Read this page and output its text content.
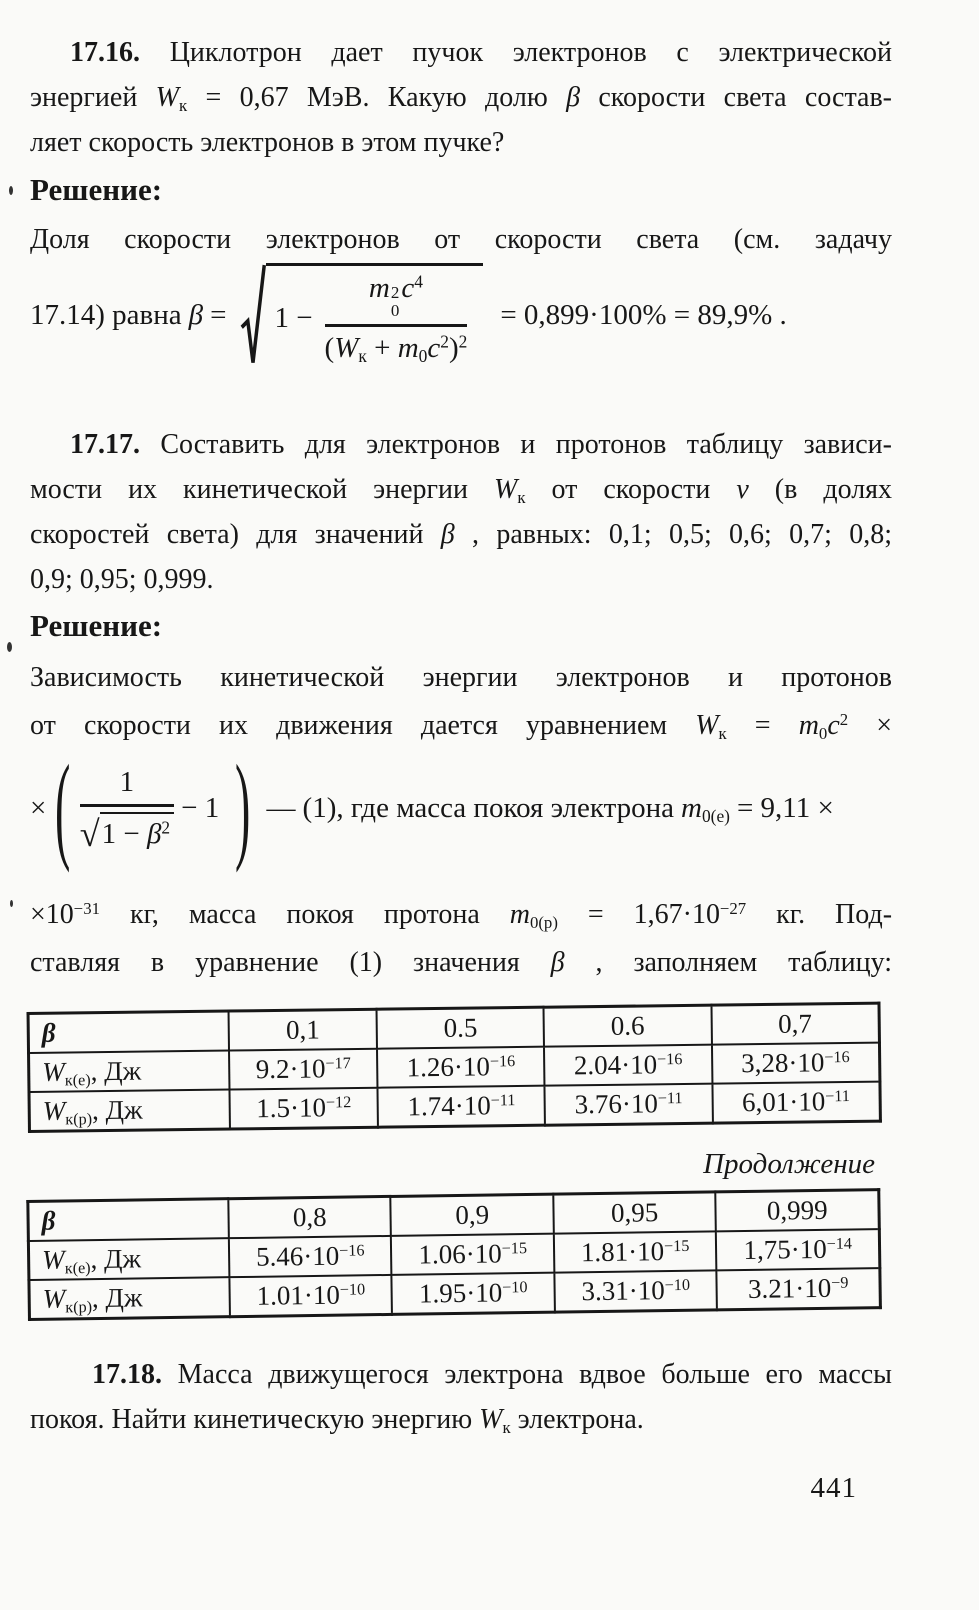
17.16. Циклотрон дает пучок электронов с электрической
энергией $W_к = 0,67$ МэВ. Какую долю β скорости света состав-
ляет скорость электронов в этом пучке?
Решение:
Доля скорости электронов от скорости света (см. задачу
17.14) равна β = 1 − m 2
0
$c^4$
$(W_к + m_0c^2)^2 = 0,899\cdot 100\% = 89,9\%$ .
17.17. Составить для электронов и протонов таблицу зависи-
мости их кинетической энергии $W_к$ от скорости v (в долях
скоростей света) для значений β , равных: 0,1; 0,5; 0,6; 0,7; 0,8;
0,9; 0,95; 0,999.
Решение:
Зависимость кинетической энергии электронов и протонов
от скорости их движения дается уравнением $W_к = m_0c^2$ ×
× ( $\frac{1}{√ 1 - \beta^2} - 1$ ) — (1), где масса покоя электрона $m_{0(е)} = 9,11$ ×
$\times 10^{-31}$ кг, масса покоя протона $m_{0(р)} = 1,67\cdot 10^{-27}$ кг. Под-
ставляя в уравнение (1) значения β , заполняем таблицу:
β	0,1	0.5	0.6	0,7
$W_{к(е)}$, Дж	$9.2\cdot 10^{-17}$	$1.26\cdot 10^{-16}$	$2.04\cdot 10^{-16}$	$3,28\cdot 10^{-16}$
$W_{к(р)}$, Дж	$1.5\cdot 10^{-12}$	$1.74\cdot 10^{-11}$	$3.76\cdot 10^{-11}$	$6,01\cdot 10^{-11}$
Продолжение
β	0,8	0,9	0,95	0,999
$W_{к(е)}$, Дж	$5.46\cdot 10^{-16}$	$1.06\cdot 10^{-15}$	$1.81\cdot 10^{-15}$	$1,75\cdot 10^{-14}$
$W_{к(р)}$, Дж	$1.01\cdot 10^{-10}$	$1.95\cdot 10^{-10}$	$3.31\cdot 10^{-10}$	$3.21\cdot 10^{-9}$
17.18. Масса движущегося электрона вдвое больше его массы
покоя. Найти кинетическую энергию $W_к$ электрона.
441
